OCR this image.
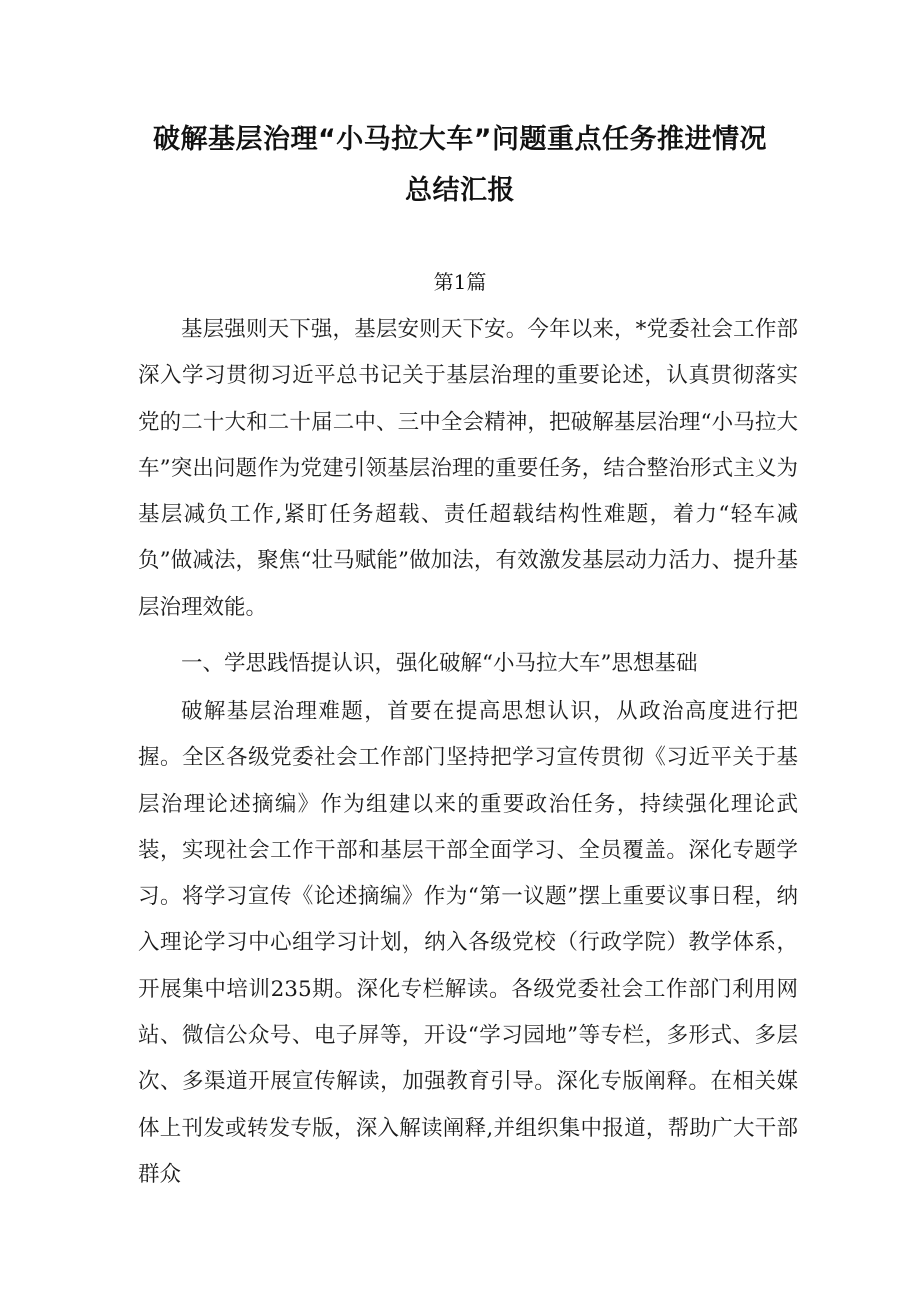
破解基层治理“小马拉大车”问题重点任务推进情况
总结汇报
第1篇

基层强则天下强，基层安则天下安。今年以来，*党委社会工作部深入学习贯彻习近平总书记关于基层治理的重要论述，认真贯彻落实党的二十大和二十届二中、三中全会精神，把破解基层治理“小马拉大车”突出问题作为党建引领基层治理的重要任务，结合整治形式主义为基层减负工作,紧盯任务超载、责任超载结构性难题，着力“轻车减负”做减法，聚焦“壮马赋能”做加法，有效激发基层动力活力、提升基层治理效能。

一、学思践悟提认识，强化破解“小马拉大车”思想基础

破解基层治理难题，首要在提高思想认识，从政治高度进行把握。全区各级党委社会工作部门坚持把学习宣传贯彻《习近平关于基层治理论述摘编》作为组建以来的重要政治任务，持续强化理论武装，实现社会工作干部和基层干部全面学习、全员覆盖。深化专题学习。将学习宣传《论述摘编》作为“第一议题”摆上重要议事日程，纳入理论学习中心组学习计划，纳入各级党校（行政学院）教学体系，开展集中培训235期。深化专栏解读。各级党委社会工作部门利用网站、微信公众号、电子屏等，开设“学习园地”等专栏，多形式、多层次、多渠道开展宣传解读，加强教育引导。深化专版阐释。在相关媒体上刊发或转发专版，深入解读阐释,并组织集中报道，帮助广大干部群众
